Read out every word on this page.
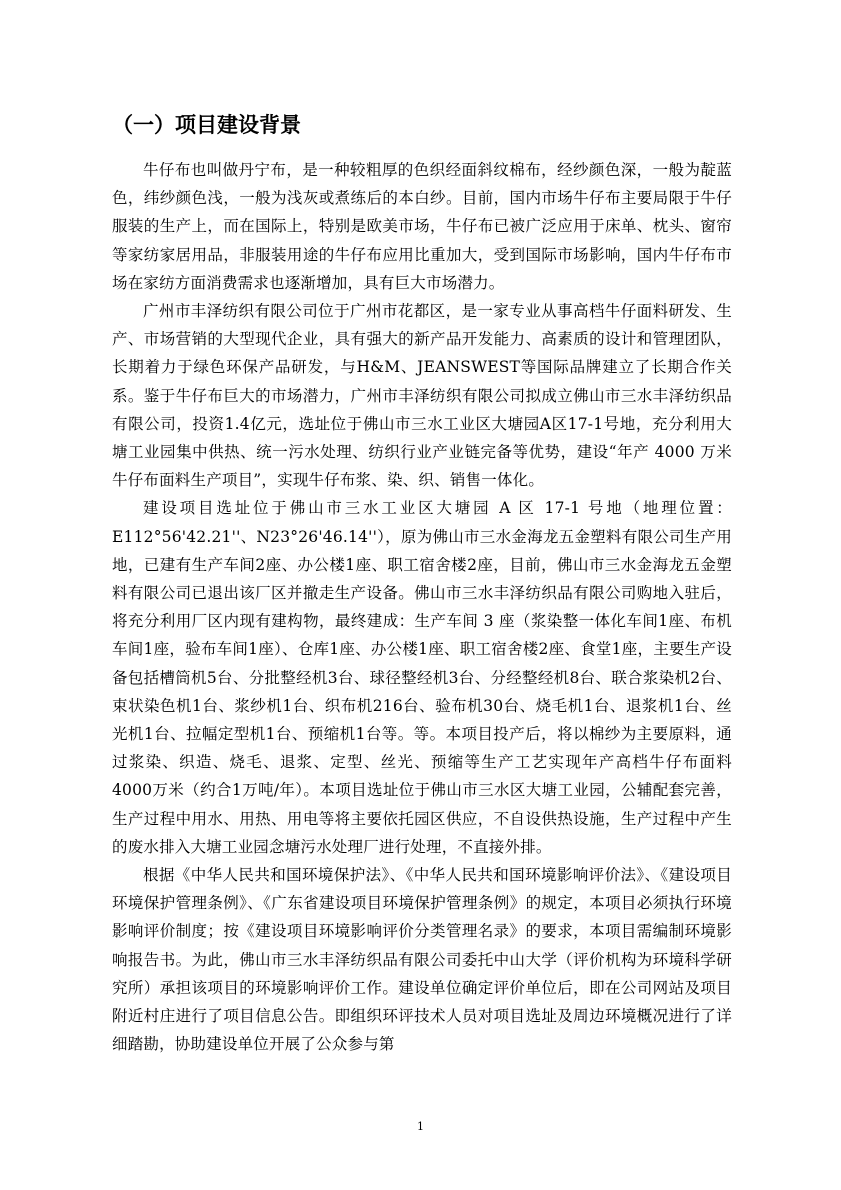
（一）项目建设背景

牛仔布也叫做丹宁布，是一种较粗厚的色织经面斜纹棉布，经纱颜色深，一般为靛蓝色，纬纱颜色浅，一般为浅灰或煮练后的本白纱。目前，国内市场牛仔布主要局限于牛仔服装的生产上，而在国际上，特别是欧美市场，牛仔布已被广泛应用于床单、枕头、窗帘等家纺家居用品，非服装用途的牛仔布应用比重加大，受到国际市场影响，国内牛仔布市场在家纺方面消费需求也逐渐增加，具有巨大市场潜力。

广州市丰泽纺织有限公司位于广州市花都区，是一家专业从事高档牛仔面料研发、生产、市场营销的大型现代企业，具有强大的新产品开发能力、高素质的设计和管理团队，长期着力于绿色环保产品研发，与H&M、JEANSWEST等国际品牌建立了长期合作关系。鉴于牛仔布巨大的市场潜力，广州市丰泽纺织有限公司拟成立佛山市三水丰泽纺织品有限公司，投资1.4亿元，选址位于佛山市三水工业区大塘园A区17-1号地，充分利用大塘工业园集中供热、统一污水处理、纺织行业产业链完备等优势，建设“年产 4000 万米牛仔布面料生产项目”，实现牛仔布浆、染、织、销售一体化。

建设项目选址位于佛山市三水工业区大塘园 A 区 17-1 号地（地理位置：E112°56'42.21''、N23°26'46.14''），原为佛山市三水金海龙五金塑料有限公司生产用地，已建有生产车间2座、办公楼1座、职工宿舍楼2座，目前，佛山市三水金海龙五金塑料有限公司已退出该厂区并撤走生产设备。佛山市三水丰泽纺织品有限公司购地入驻后，将充分利用厂区内现有建构物，最终建成：生产车间 3 座（浆染整一体化车间1座、布机车间1座，验布车间1座）、仓库1座、办公楼1座、职工宿舍楼2座、食堂1座，主要生产设备包括槽筒机5台、分批整经机3台、球径整经机3台、分经整经机8台、联合浆染机2台、束状染色机1台、浆纱机1台、织布机216台、验布机30台、烧毛机1台、退浆机1台、丝光机1台、拉幅定型机1台、预缩机1台等。等。本项目投产后，将以棉纱为主要原料，通过浆染、织造、烧毛、退浆、定型、丝光、预缩等生产工艺实现年产高档牛仔布面料4000万米（约合1万吨/年）。本项目选址位于佛山市三水区大塘工业园，公辅配套完善，生产过程中用水、用热、用电等将主要依托园区供应，不自设供热设施，生产过程中产生的废水排入大塘工业园念塘污水处理厂进行处理，不直接外排。

根据《中华人民共和国环境保护法》、《中华人民共和国环境影响评价法》、《建设项目环境保护管理条例》、《广东省建设项目环境保护管理条例》的规定，本项目必须执行环境影响评价制度；按《建设项目环境影响评价分类管理名录》的要求，本项目需编制环境影响报告书。为此，佛山市三水丰泽纺织品有限公司委托中山大学（评价机构为环境科学研究所）承担该项目的环境影响评价工作。建设单位确定评价单位后，即在公司网站及项目附近村庄进行了项目信息公告。即组织环评技术人员对项目选址及周边环境概况进行了详细踏勘，协助建设单位开展了公众参与第

1
